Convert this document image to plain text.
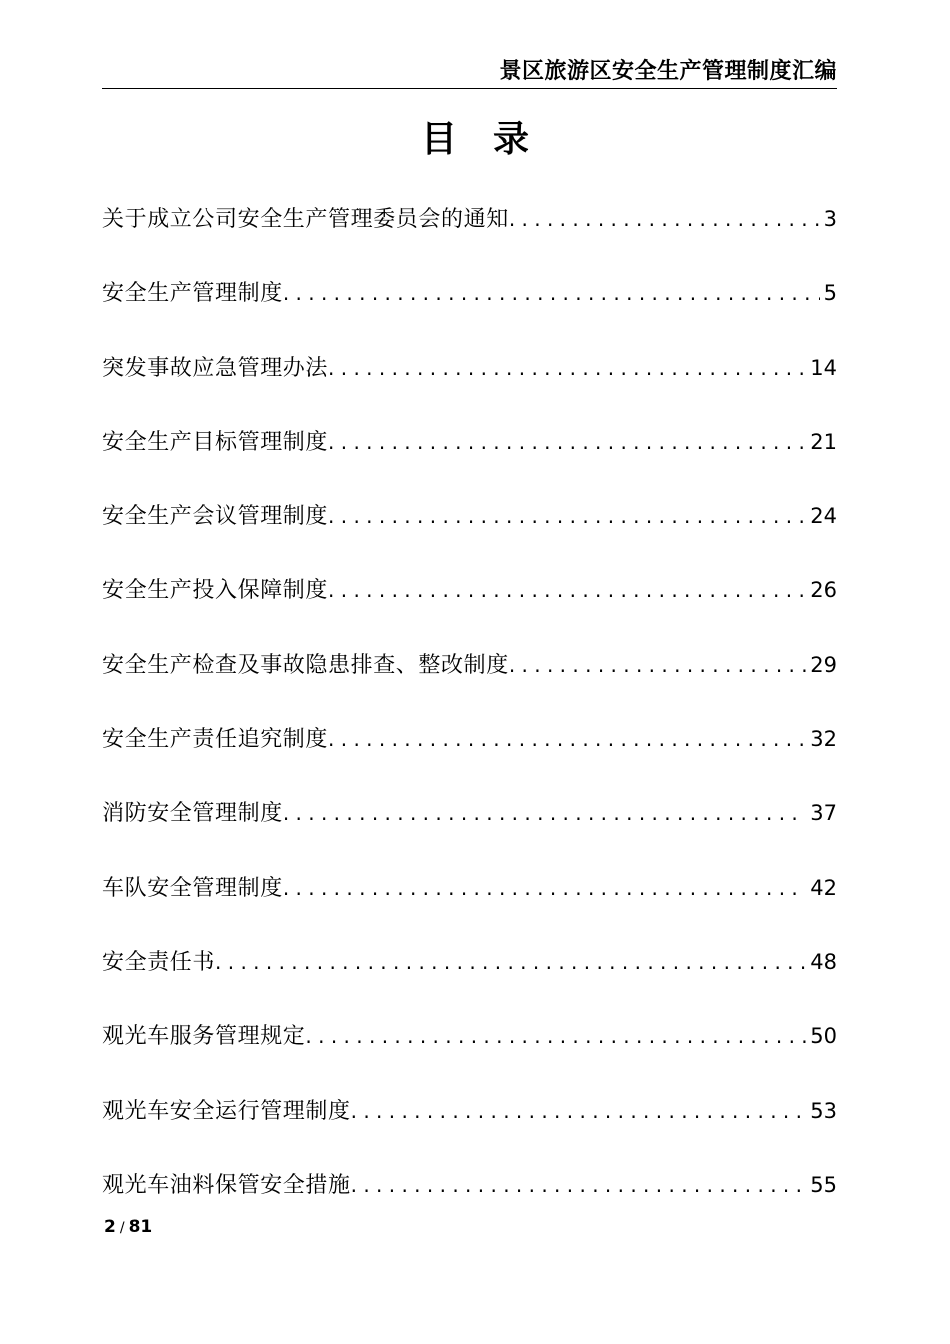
景区旅游区安全生产管理制度汇编
目录
关于成立公司安全生产管理委员会的通知 . . .	3
安全生产管理制度 . . .	5
突发事故应急管理办法 . . .	14
安全生产目标管理制度 . . .	21
安全生产会议管理制度 . . .	24
安全生产投入保障制度 . . .	26
安全生产检查及事故隐患排查、整改制度 . . .	29
安全生产责任追究制度 . . .	32
消防安全管理制度 . . .	37
车队安全管理制度 . . .	42
安全责任书 . . .	48
观光车服务管理规定 . . .	50
观光车安全运行管理制度 . . .	53
观光车油料保管安全措施 . . .	55
2 / 81
